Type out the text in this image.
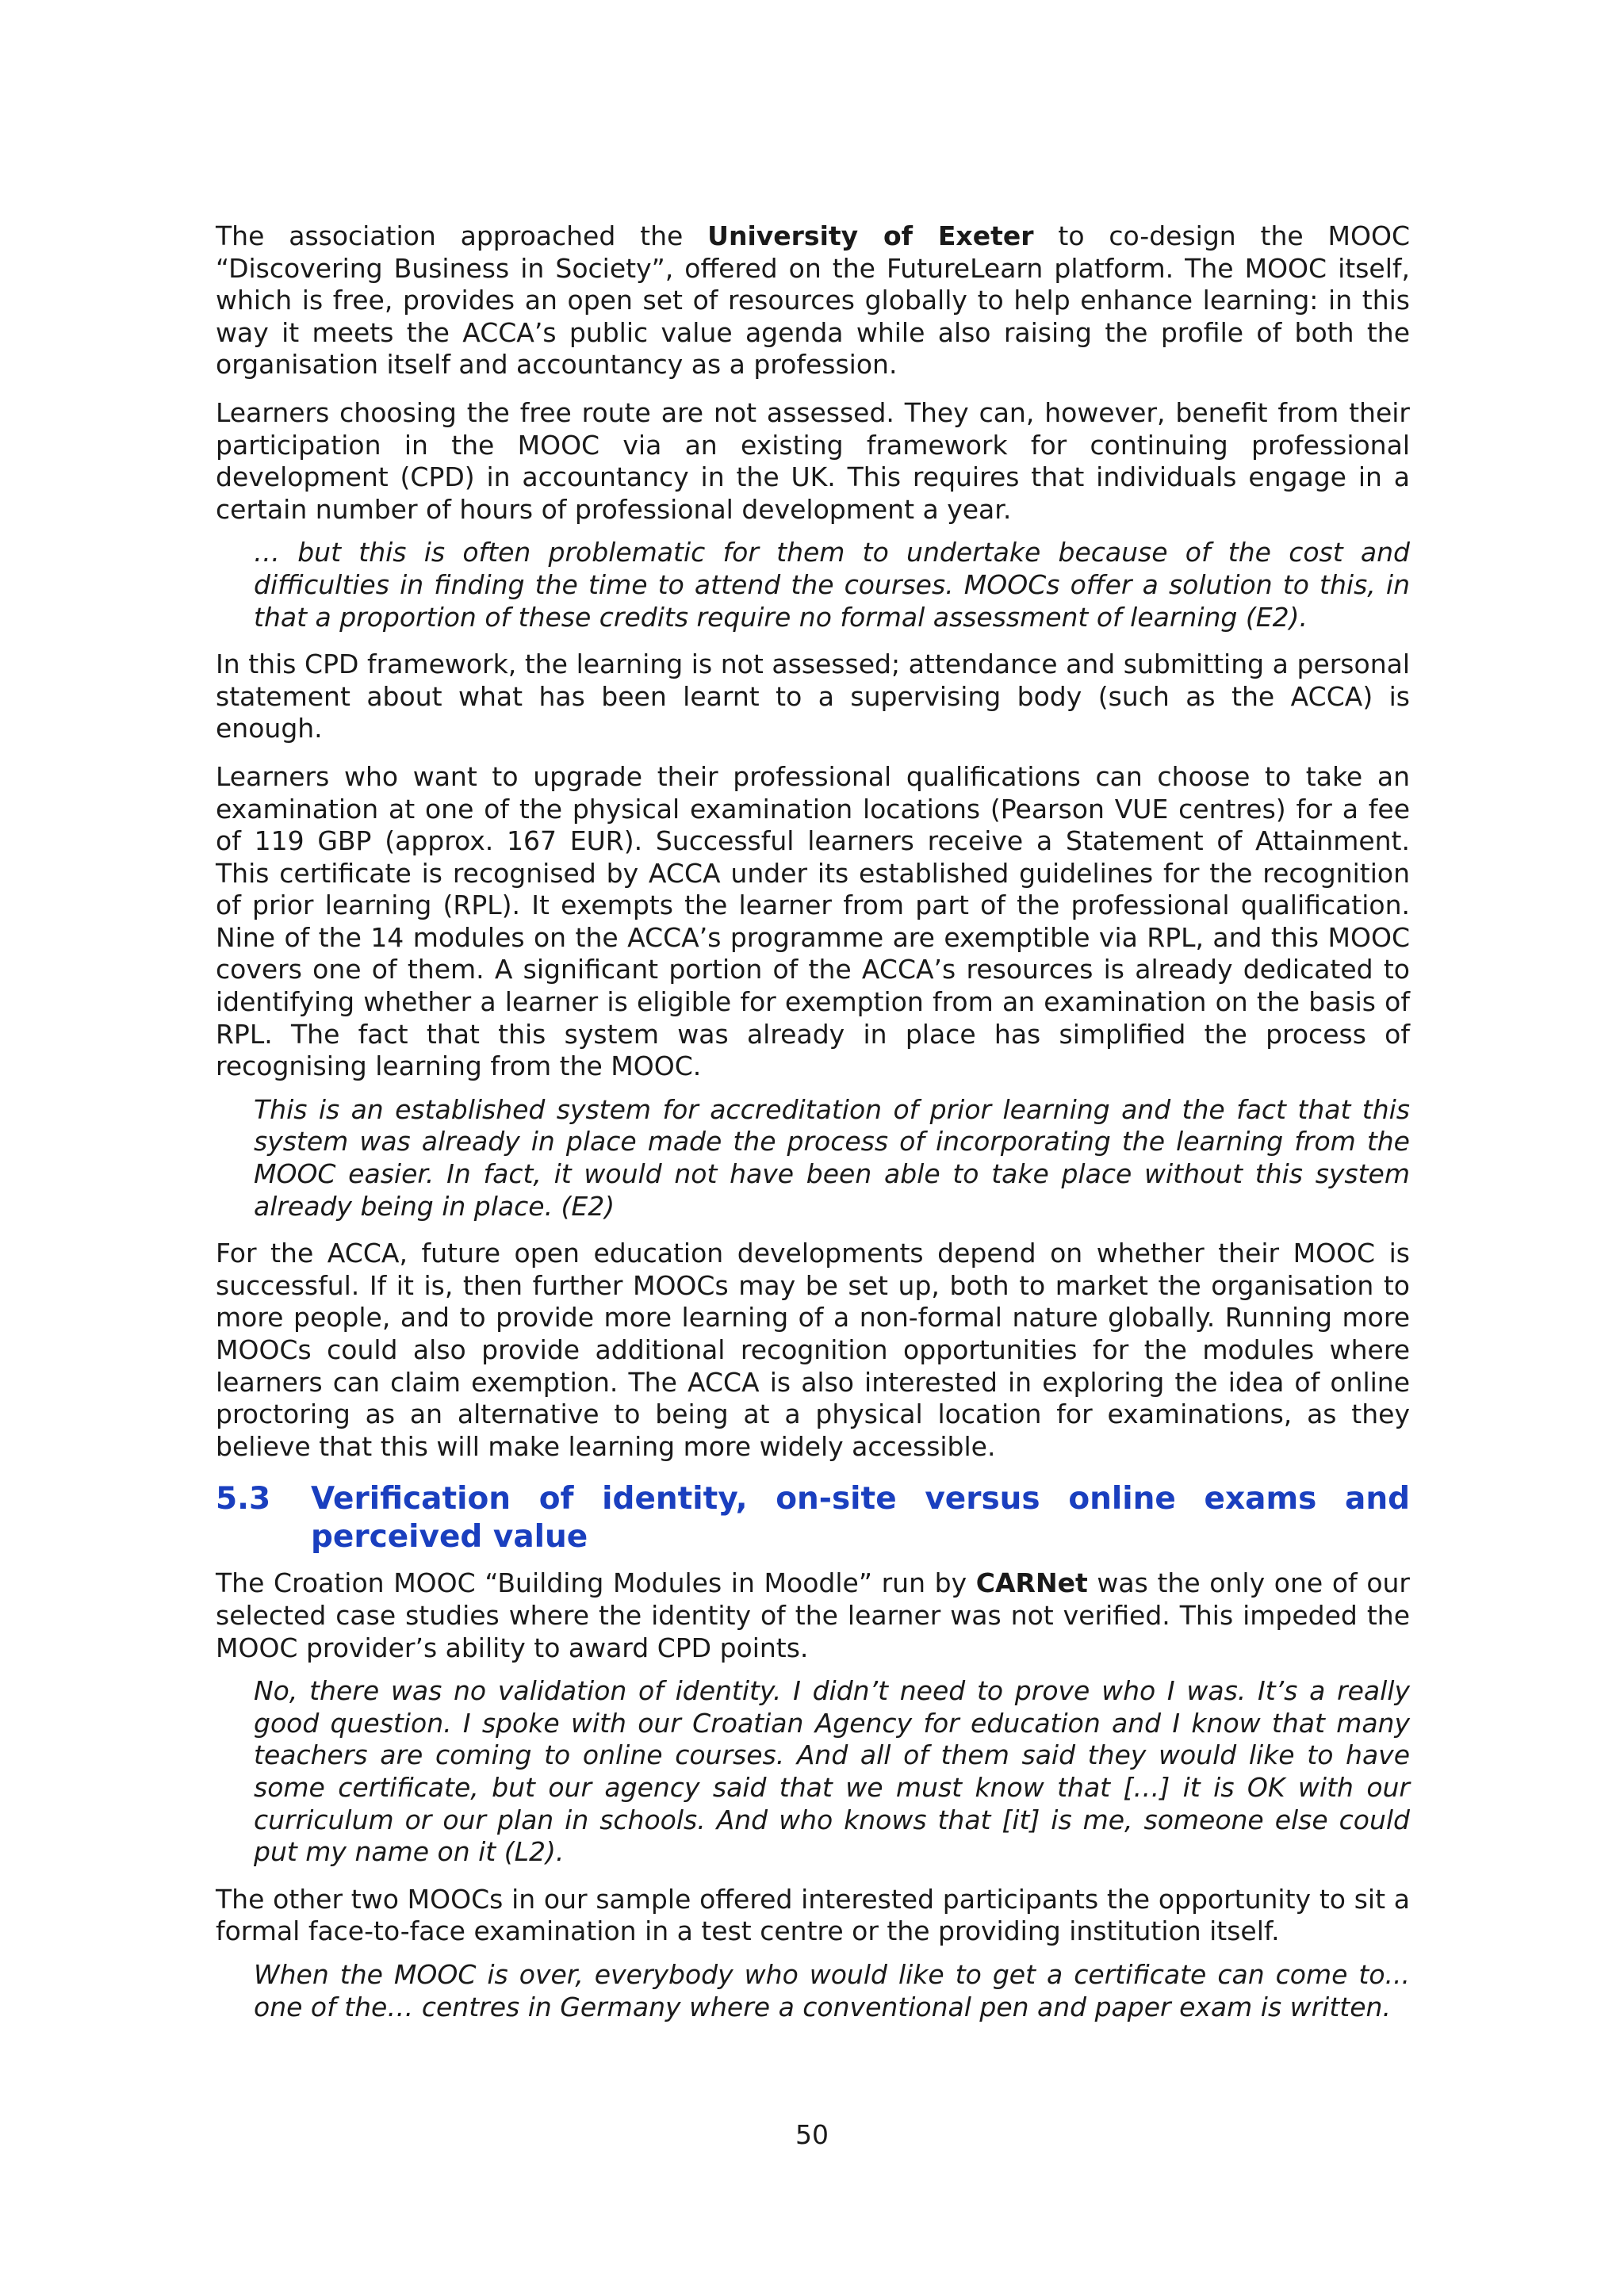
The association approached the University of Exeter to co-design the MOOC “Discovering Business in Society”, offered on the FutureLearn platform. The MOOC itself, which is free, provides an open set of resources globally to help enhance learning: in this way it meets the ACCA’s public value agenda while also raising the profile of both the organisation itself and accountancy as a profession.

Learners choosing the free route are not assessed. They can, however, benefit from their participation in the MOOC via an existing framework for continuing professional development (CPD) in accountancy in the UK. This requires that individuals engage in a certain number of hours of professional development a year.

… but this is often problematic for them to undertake because of the cost and difficulties in finding the time to attend the courses. MOOCs offer a solution to this, in that a proportion of these credits require no formal assessment of learning (E2).

In this CPD framework, the learning is not assessed; attendance and submitting a personal statement about what has been learnt to a supervising body (such as the ACCA) is enough.

Learners who want to upgrade their professional qualifications can choose to take an examination at one of the physical examination locations (Pearson VUE centres) for a fee of 119 GBP (approx. 167 EUR). Successful learners receive a Statement of Attainment. This certificate is recognised by ACCA under its established guidelines for the recognition of prior learning (RPL). It exempts the learner from part of the professional qualification. Nine of the 14 modules on the ACCA’s programme are exemptible via RPL, and this MOOC covers one of them. A significant portion of the ACCA’s resources is already dedicated to identifying whether a learner is eligible for exemption from an examination on the basis of RPL. The fact that this system was already in place has simplified the process of recognising learning from the MOOC.

This is an established system for accreditation of prior learning and the fact that this system was already in place made the process of incorporating the learning from the MOOC easier. In fact, it would not have been able to take place without this system already being in place. (E2)

For the ACCA, future open education developments depend on whether their MOOC is successful. If it is, then further MOOCs may be set up, both to market the organisation to more people, and to provide more learning of a non-formal nature globally. Running more MOOCs could also provide additional recognition opportunities for the modules where learners can claim exemption. The ACCA is also interested in exploring the idea of online proctoring as an alternative to being at a physical location for examinations, as they believe that this will make learning more widely accessible.

5.3 Verification of identity, on-site versus online exams and perceived value

The Croation MOOC “Building Modules in Moodle” run by CARNet was the only one of our selected case studies where the identity of the learner was not verified. This impeded the MOOC provider’s ability to award CPD points.

No, there was no validation of identity. I didn’t need to prove who I was. It’s a really good question. I spoke with our Croatian Agency for education and I know that many teachers are coming to online courses. And all of them said they would like to have some certificate, but our agency said that we must know that […] it is OK with our curriculum or our plan in schools. And who knows that [it] is me, someone else could put my name on it (L2).

The other two MOOCs in our sample offered interested participants the opportunity to sit a formal face-to-face examination in a test centre or the providing institution itself.

When the MOOC is over, everybody who would like to get a certificate can come to... one of the… centres in Germany where a conventional pen and paper exam is written.

50
